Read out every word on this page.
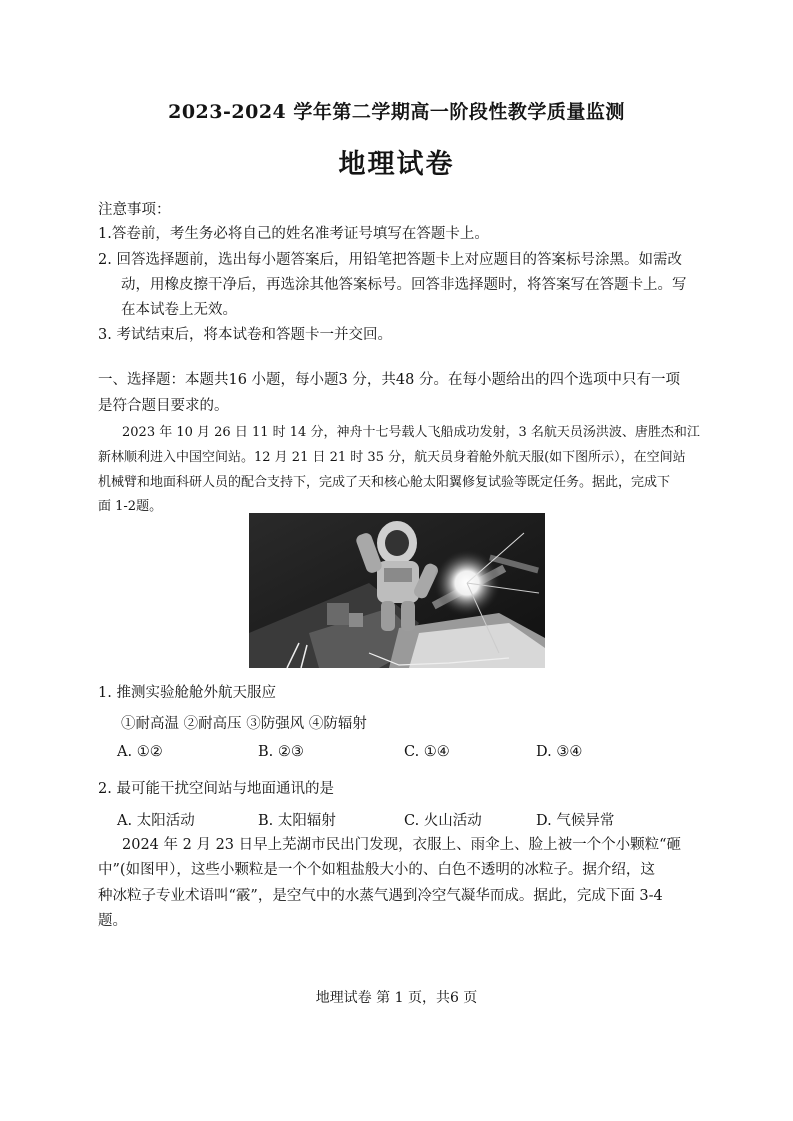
2023-2024 学年第二学期高一阶段性教学质量监测
地理试卷
注意事项：
1.答卷前，考生务必将自己的姓名准考证号填写在答题卡上。
2. 回答选择题前，选出每小题答案后，用铅笔把答题卡上对应题目的答案标号涂黑。如需改
动，用橡皮擦干净后，再选涂其他答案标号。回答非选择题时，将答案写在答题卡上。写
在本试卷上无效。
3. 考试结束后，将本试卷和答题卡一并交回。
一、选择题：本题共16 小题，每小题3 分，共48 分。在每小题给出的四个选项中只有一项
是符合题目要求的。
2023 年 10 月 26 日 11 时 14 分，神舟十七号载人飞船成功发射，3 名航天员汤洪波、唐胜杰和江
新林顺利进入中国空间站。12 月 21 日 21 时 35 分，航天员身着舱外航天服(如下图所示），在空间站
机械臂和地面科研人员的配合支持下，完成了天和核心舱太阳翼修复试验等既定任务。据此，完成下
面 1-2题。
1. 推测实验舱舱外航天服应
①耐高温 ②耐高压 ③防强风 ④防辐射
A. ①②	B. ②③	C. ①④	D. ③④
2. 最可能干扰空间站与地面通讯的是
A. 太阳活动	B. 太阳辐射	C. 火山活动	D. 气候异常
2024 年 2 月 23 日早上芜湖市民出门发现，衣服上、雨伞上、脸上被一个个小颗粒“砸
中”(如图甲），这些小颗粒是一个个如粗盐般大小的、白色不透明的冰粒子。据介绍，这
种冰粒子专业术语叫“霰”，是空气中的水蒸气遇到冷空气凝华而成。据此，完成下面 3-4
题。
地理试卷 第 1 页，共6 页
